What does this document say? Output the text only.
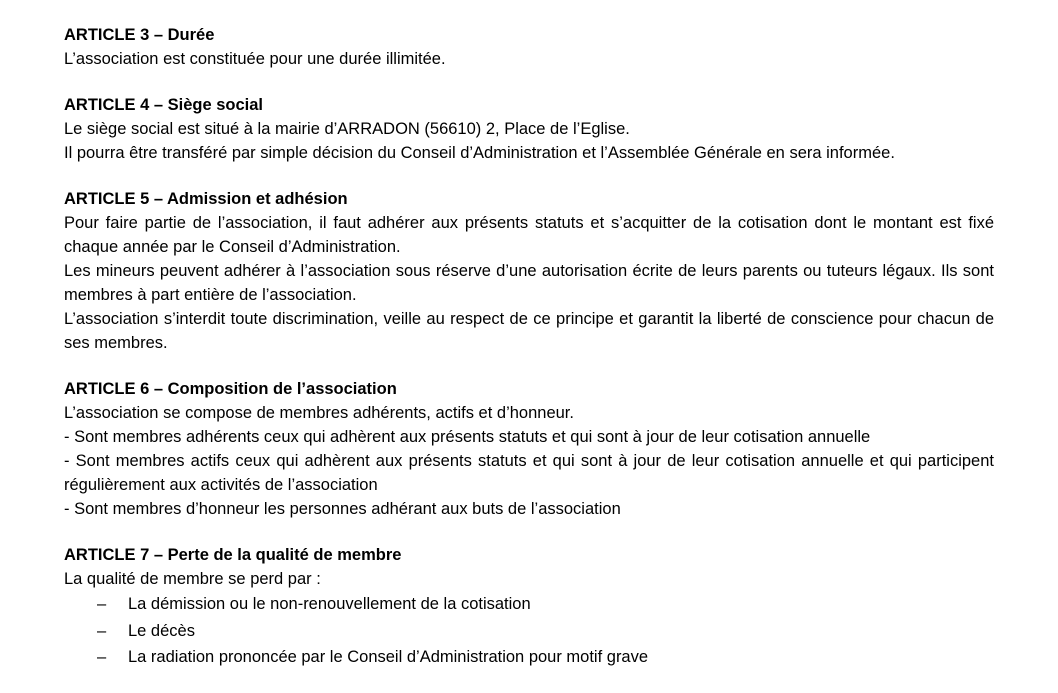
ARTICLE 3 – Durée
L’association est constituée pour une durée illimitée.
ARTICLE 4 – Siège social
Le siège social est situé à la mairie d’ARRADON (56610) 2, Place de l’Eglise.
Il pourra être transféré par simple décision du Conseil d’Administration et l’Assemblée Générale en sera informée.
ARTICLE 5 – Admission et adhésion
Pour faire partie de l’association, il faut adhérer aux présents statuts et s’acquitter de la cotisation dont le montant est fixé chaque année par le Conseil d’Administration.
Les mineurs peuvent adhérer à l’association sous réserve d’une autorisation écrite de leurs parents ou tuteurs légaux. Ils sont membres à part entière de l’association.
L’association s’interdit toute discrimination, veille au respect de ce principe et garantit la liberté de conscience pour chacun de ses membres.
ARTICLE 6 – Composition de l’association
L’association se compose de membres adhérents, actifs et d’honneur.
- Sont membres adhérents ceux qui adhèrent aux présents statuts et qui sont à jour de leur cotisation annuelle
- Sont membres actifs ceux qui adhèrent aux présents statuts et qui sont à jour de leur cotisation annuelle et qui participent régulièrement aux activités de l’association
- Sont membres d’honneur les personnes adhérant aux buts de l’association
ARTICLE 7 – Perte de la qualité de membre
La qualité de membre se perd par :
– La démission ou le non-renouvellement de la cotisation
– Le décès
– La radiation prononcée par le Conseil d’Administration pour motif grave
